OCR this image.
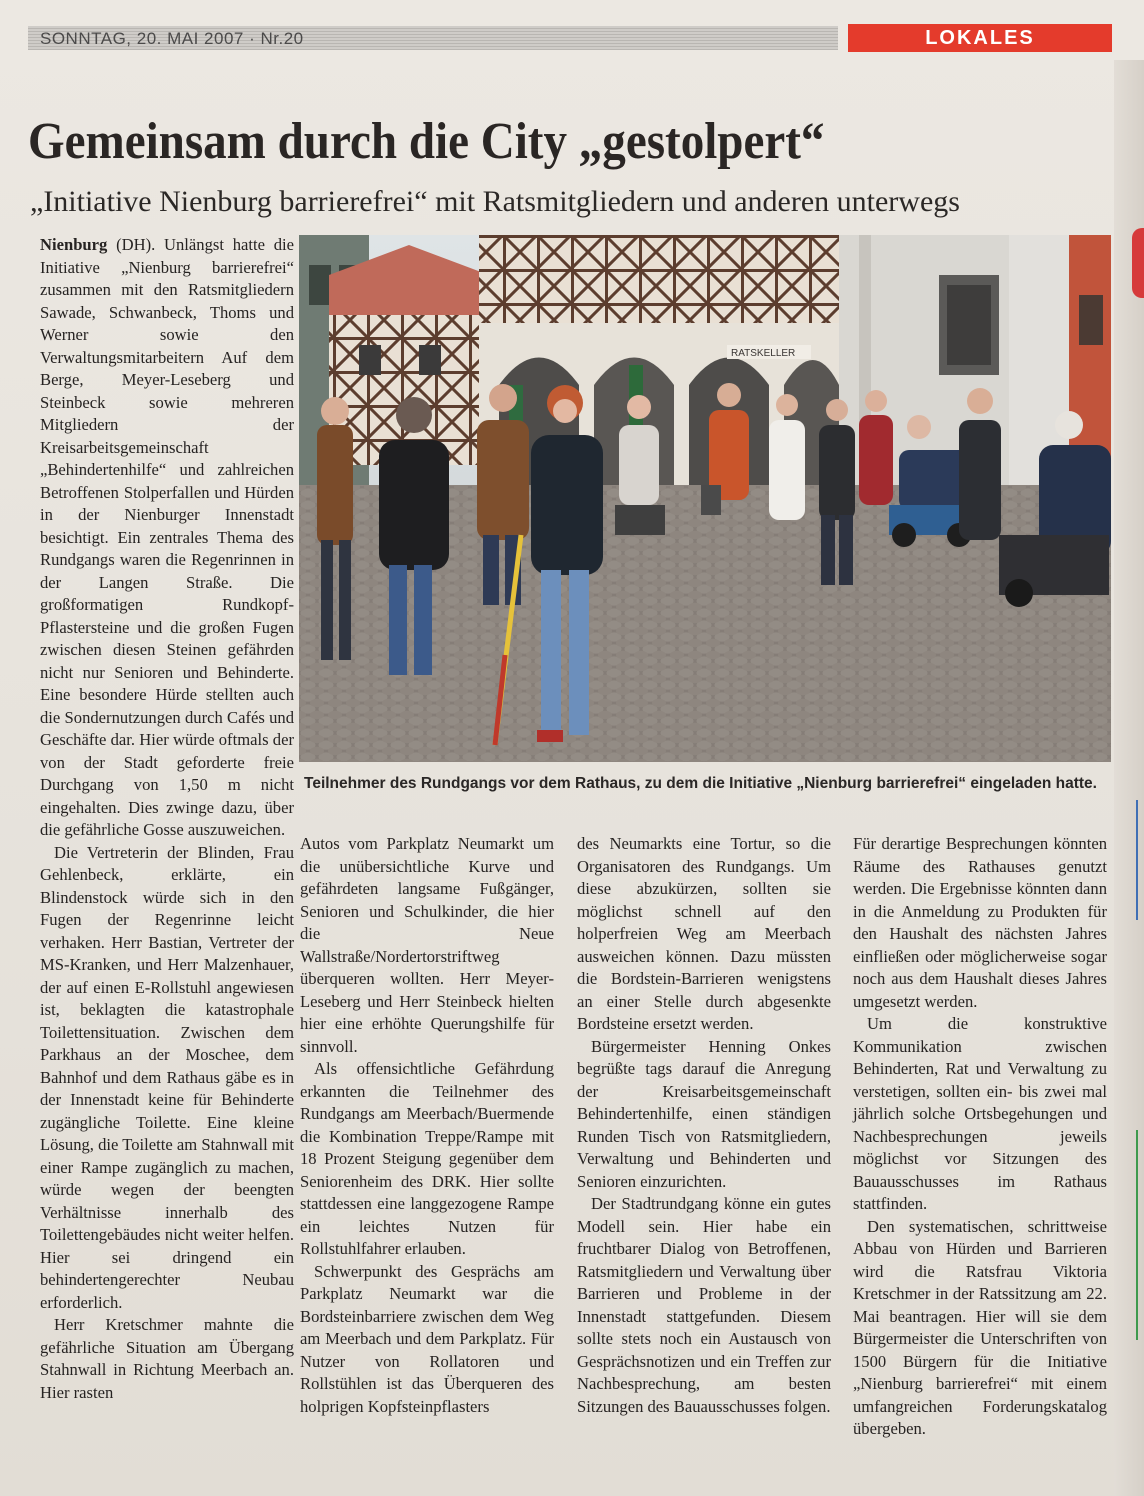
SONNTAG, 20. MAI 2007 · Nr.20	LOKALES
Gemeinsam durch die City „gestolpert“
„Initiative Nienburg barrierefrei“ mit Ratsmitgliedern und anderen unterwegs
RATSKELLER
Teilnehmer des Rundgangs vor dem Rathaus, zu dem die Initiative „Nienburg barrierefrei“ eingeladen hatte.

Nienburg (DH). Unlängst hatte die Initiative „Nienburg barrierefrei“ zusammen mit den Ratsmitgliedern Sawade, Schwanbeck, Thoms und Werner sowie den Verwaltungsmitarbeitern Auf dem Berge, Meyer-Leseberg und Steinbeck sowie mehreren Mitgliedern der Kreisarbeitsgemeinschaft „Behindertenhilfe“ und zahlreichen Betroffenen Stolperfallen und Hürden in der Nienburger Innenstadt besichtigt. Ein zentrales Thema des Rundgangs waren die Regenrinnen in der Langen Straße. Die großformatigen Rundkopf-Pflastersteine und die großen Fugen zwischen diesen Steinen gefährden nicht nur Senioren und Behinderte. Eine besondere Hürde stellten auch die Sondernutzungen durch Cafés und Geschäfte dar. Hier würde oftmals der von der Stadt geforderte freie Durchgang von 1,50 m nicht eingehalten. Dies zwinge dazu, über die gefährliche Gosse auszuweichen.

Die Vertreterin der Blinden, Frau Gehlenbeck, erklärte, ein Blindenstock würde sich in den Fugen der Regenrinne leicht verhaken. Herr Bastian, Vertreter der MS-Kranken, und Herr Malzenhauer, der auf einen E-Rollstuhl angewiesen ist, beklagten die katastrophale Toilettensituation. Zwischen dem Parkhaus an der Moschee, dem Bahnhof und dem Rathaus gäbe es in der Innenstadt keine für Behinderte zugängliche Toilette. Eine kleine Lösung, die Toilette am Stahnwall mit einer Rampe zugänglich zu machen, würde wegen der beengten Verhältnisse innerhalb des Toilettengebäudes nicht weiter helfen. Hier sei dringend ein behindertengerechter Neubau erforderlich.

Herr Kretschmer mahnte die gefährliche Situation am Übergang Stahnwall in Richtung Meerbach an. Hier rasten

Autos vom Parkplatz Neumarkt um die unübersichtliche Kurve und gefährdeten langsame Fußgänger, Senioren und Schulkinder, die hier die Neue Wallstraße/Nordertorstriftweg überqueren wollten. Herr Meyer-Leseberg und Herr Steinbeck hielten hier eine erhöhte Querungshilfe für sinnvoll.

Als offensichtliche Gefährdung erkannten die Teilnehmer des Rundgangs am Meerbach/Buermende die Kombination Treppe/Rampe mit 18 Prozent Steigung gegenüber dem Seniorenheim des DRK. Hier sollte stattdessen eine langgezogene Rampe ein leichtes Nutzen für Rollstuhlfahrer erlauben.

Schwerpunkt des Gesprächs am Parkplatz Neumarkt war die Bordsteinbarriere zwischen dem Weg am Meerbach und dem Parkplatz. Für Nutzer von Rollatoren und Rollstühlen ist das Überqueren des holprigen Kopfsteinpflasters

des Neumarkts eine Tortur, so die Organisatoren des Rundgangs. Um diese abzukürzen, sollten sie möglichst schnell auf den holperfreien Weg am Meerbach ausweichen können. Dazu müssten die Bordstein-Barrieren wenigstens an einer Stelle durch abgesenkte Bordsteine ersetzt werden.

Bürgermeister Henning Onkes begrüßte tags darauf die Anregung der Kreisarbeitsgemeinschaft Behindertenhilfe, einen ständigen Runden Tisch von Ratsmitgliedern, Verwaltung und Behinderten und Senioren einzurichten.

Der Stadtrundgang könne ein gutes Modell sein. Hier habe ein fruchtbarer Dialog von Betroffenen, Ratsmitgliedern und Verwaltung über Barrieren und Probleme in der Innenstadt stattgefunden. Diesem sollte stets noch ein Austausch von Gesprächsnotizen und ein Treffen zur Nachbesprechung, am besten Sitzungen des Bauausschusses folgen.

Für derartige Besprechungen könnten Räume des Rathauses genutzt werden. Die Ergebnisse könnten dann in die Anmeldung zu Produkten für den Haushalt des nächsten Jahres einfließen oder möglicherweise sogar noch aus dem Haushalt dieses Jahres umgesetzt werden.

Um die konstruktive Kommunikation zwischen Behinderten, Rat und Verwaltung zu verstetigen, sollten ein- bis zwei mal jährlich solche Ortsbegehungen und Nachbesprechungen jeweils möglichst vor Sitzungen des Bauausschusses im Rathaus stattfinden.

Den systematischen, schrittweise Abbau von Hürden und Barrieren wird die Ratsfrau Viktoria Kretschmer in der Ratssitzung am 22. Mai beantragen. Hier will sie dem Bürgermeister die Unterschriften von 1500 Bürgern für die Initiative „Nienburg barrierefrei“ mit einem umfangreichen Forderungskatalog übergeben.
